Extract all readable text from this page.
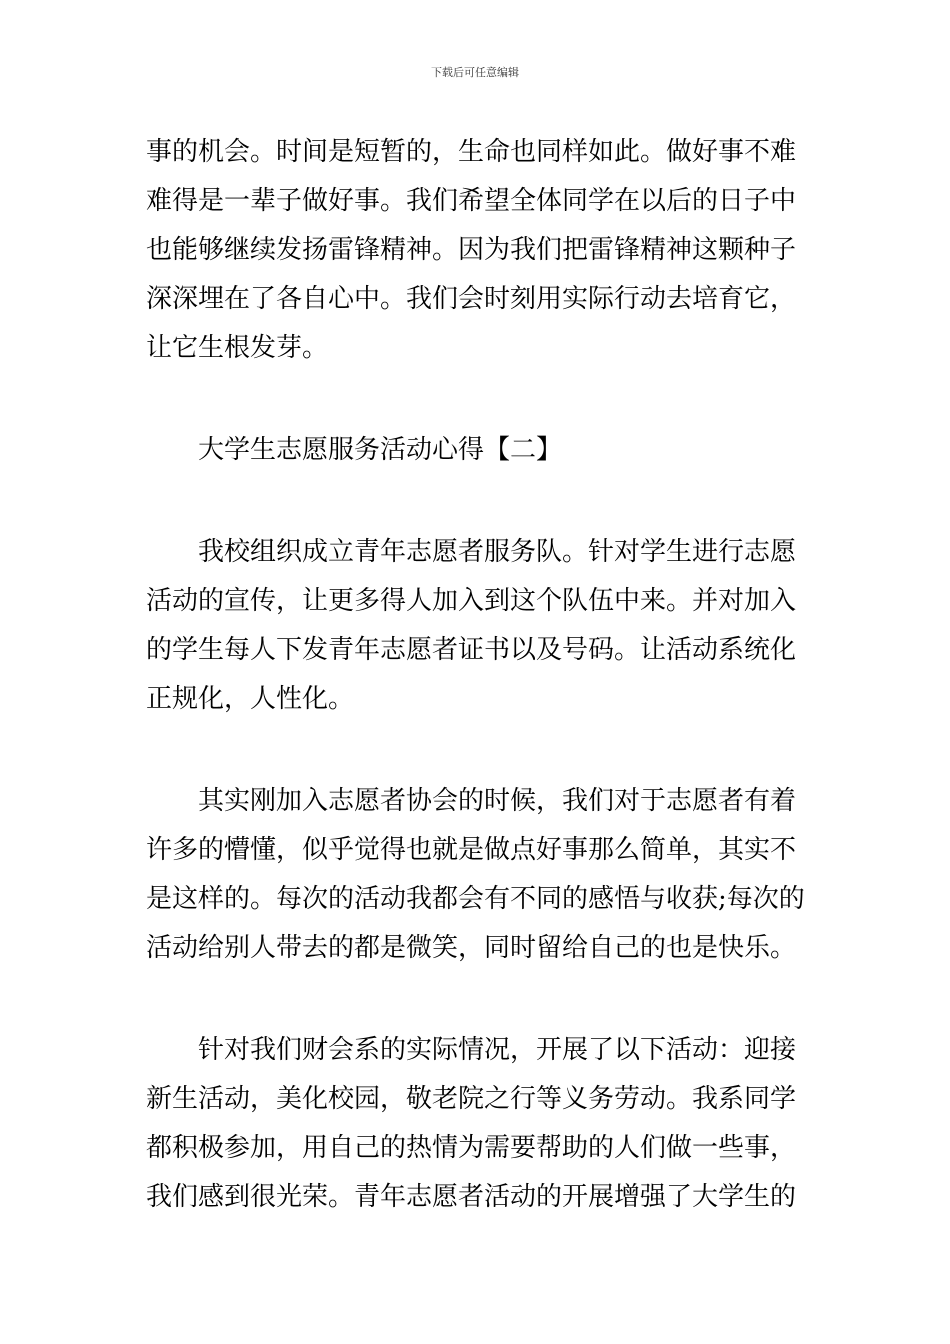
下载后可任意编辑
事的机会。时间是短暂的，生命也同样如此。做好事不难
难得是一辈子做好事。我们希望全体同学在以后的日子中
也能够继续发扬雷锋精神。因为我们把雷锋精神这颗种子
深深埋在了各自心中。我们会时刻用实际行动去培育它，
让它生根发芽。
大学生志愿服务活动心得【二】
我校组织成立青年志愿者服务队。针对学生进行志愿
活动的宣传，让更多得人加入到这个队伍中来。并对加入
的学生每人下发青年志愿者证书以及号码。让活动系统化
正规化，人性化。
其实刚加入志愿者协会的时候，我们对于志愿者有着
许多的懵懂，似乎觉得也就是做点好事那么简单，其实不
是这样的。每次的活动我都会有不同的感悟与收获;每次的
活动给别人带去的都是微笑，同时留给自己的也是快乐。
针对我们财会系的实际情况，开展了以下活动：迎接
新生活动，美化校园，敬老院之行等义务劳动。我系同学
都积极参加，用自己的热情为需要帮助的人们做一些事，
我们感到很光荣。青年志愿者活动的开展增强了大学生的
